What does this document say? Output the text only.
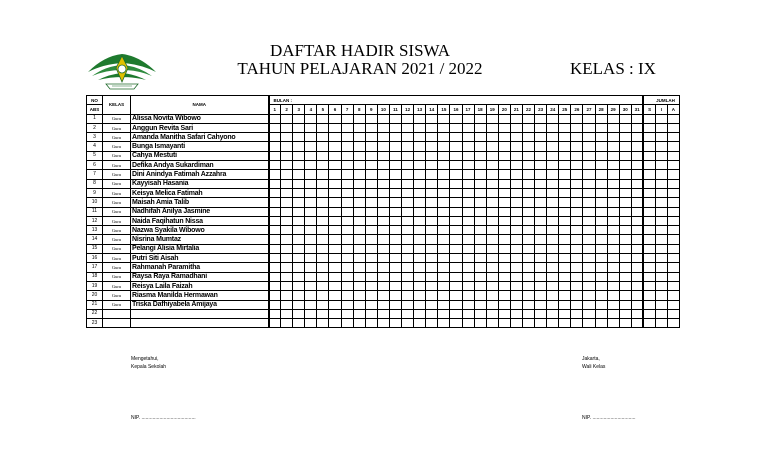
DAFTAR HADIR SISWA
TAHUN PELAJARAN 2021 / 2022	KELAS : IX
NO	KELAS	NAMA	BULAN :																															JUMLAH		
ABS			1	2	3	4	5	6	7	8	9	10	11	12	13	14	15	16	17	18	19	20	21	22	23	24	25	26	27	28	29	30	31	S	I	A
1	Guru	Alissa Novita Wibowo																																		
2	Guru	Anggun Revita Sari																																		
3	Guru	Amanda Manitha Safari Cahyono																																		
4	Guru	Bunga Ismayanti																																		
5	Guru	Cahya Mestuti																																		
6	Guru	Defika Andya Sukardiman																																		
7	Guru	Dini Anindya Fatimah Azzahra																																		
8	Guru	Kayyisah Hasania																																		
9	Guru	Keisya Melica Fatimah																																		
10	Guru	Maisah Amia Talib																																		
11	Guru	Nadhifah Anilya Jasmine																																		
12	Guru	Naida Faqihatun Nissa																																		
13	Guru	Nazwa Syakila Wibowo																																		
14	Guru	Nisrina Mumtaz																																		
15	Guru	Pelangi Alisia Mirtalia																																		
16	Guru	Putri Siti Aisah																																		
17	Guru	Rahmanah Paramitha																																		
18	Guru	Raysa Raya Ramadhani																																		
19	Guru	Reisya Laila Faizah																																		
20	Guru	Riasma Manilda Hermawan																																		
21	Guru	Triska Dafhiyabela Amijaya																																		
22																																				
23																																				
Mengetahui,
Kepala Sekolah
NIP. .......................................
Jakarta,
Wali Kelas
NIP. ...............................
